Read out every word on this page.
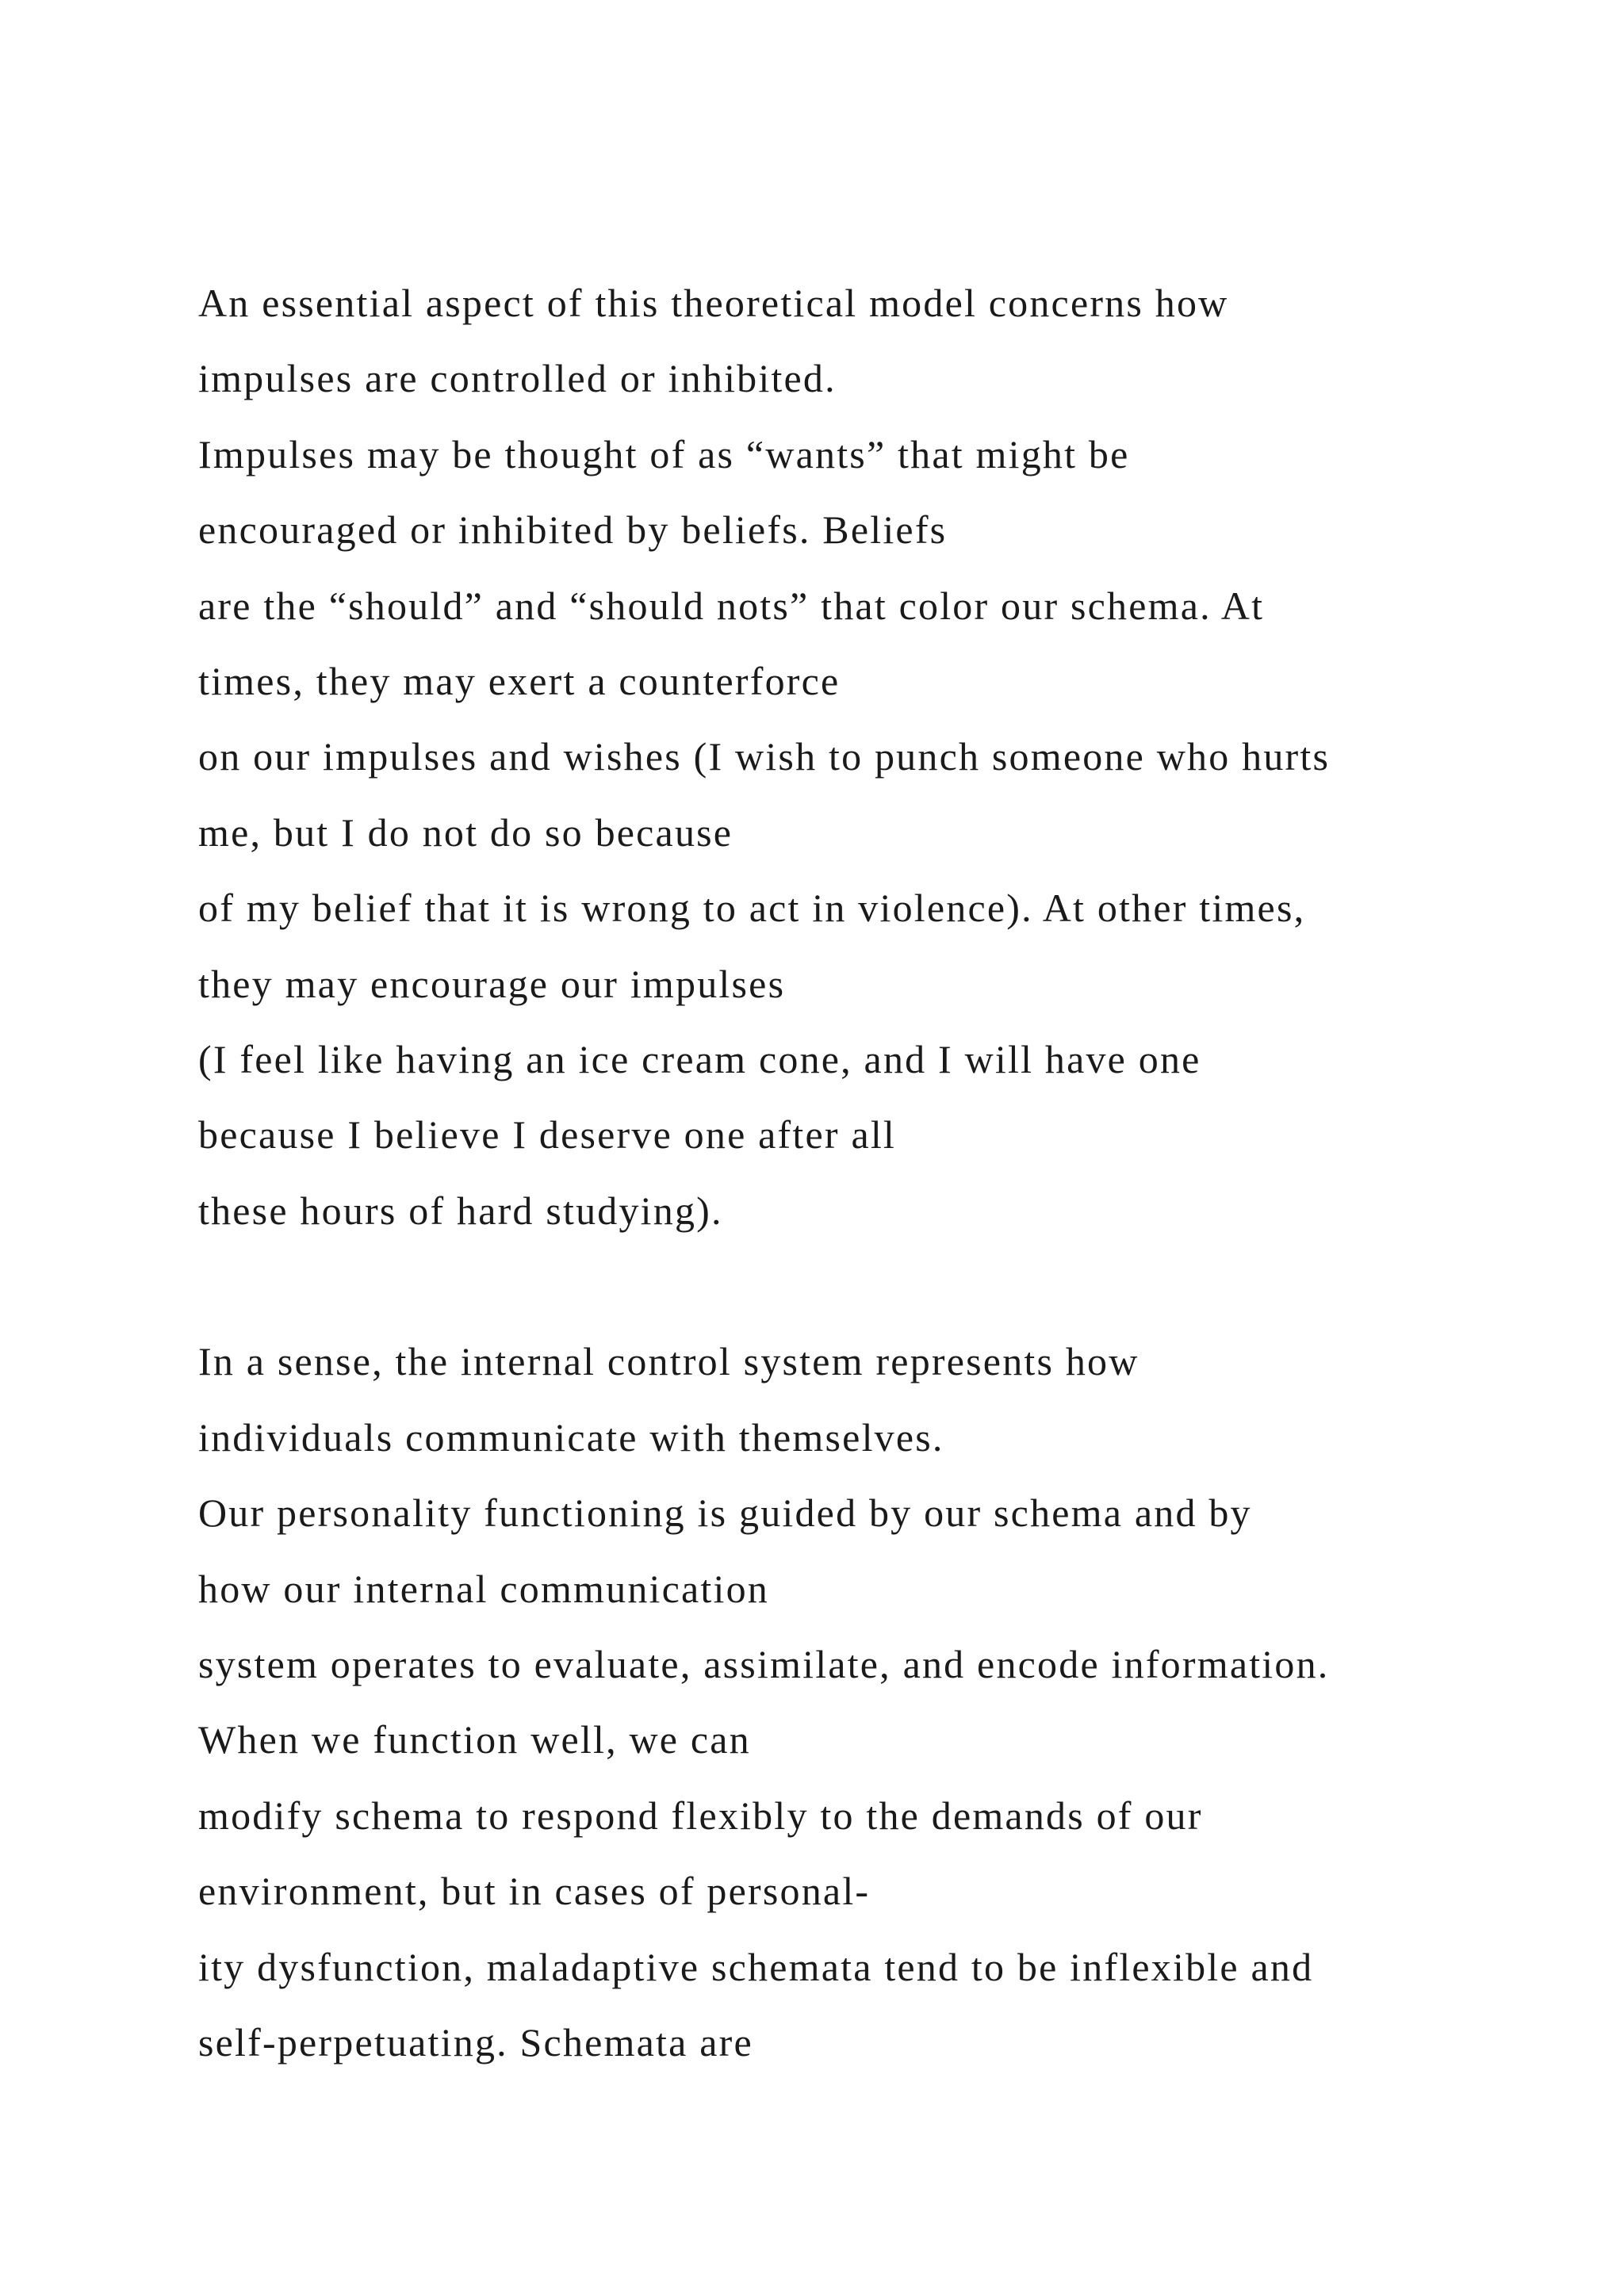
An essential aspect of this theoretical model concerns how
impulses are controlled or inhibited.
Impulses may be thought of as “wants” that might be
encouraged or inhibited by beliefs. Beliefs
are the “should” and “should nots” that color our schema. At
times, they may exert a counterforce
on our impulses and wishes (I wish to punch someone who hurts
me, but I do not do so because
of my belief that it is wrong to act in violence). At other times,
they may encourage our impulses
(I feel like having an ice cream cone, and I will have one
because I believe I deserve one after all
these hours of hard studying).
In a sense, the internal control system represents how
individuals communicate with themselves.
Our personality functioning is guided by our schema and by
how our internal communication
system operates to evaluate, assimilate, and encode information.
When we function well, we can
modify schema to respond flexibly to the demands of our
environment, but in cases of personal-
ity dysfunction, maladaptive schemata tend to be inflexible and
self-perpetuating. Schemata are
